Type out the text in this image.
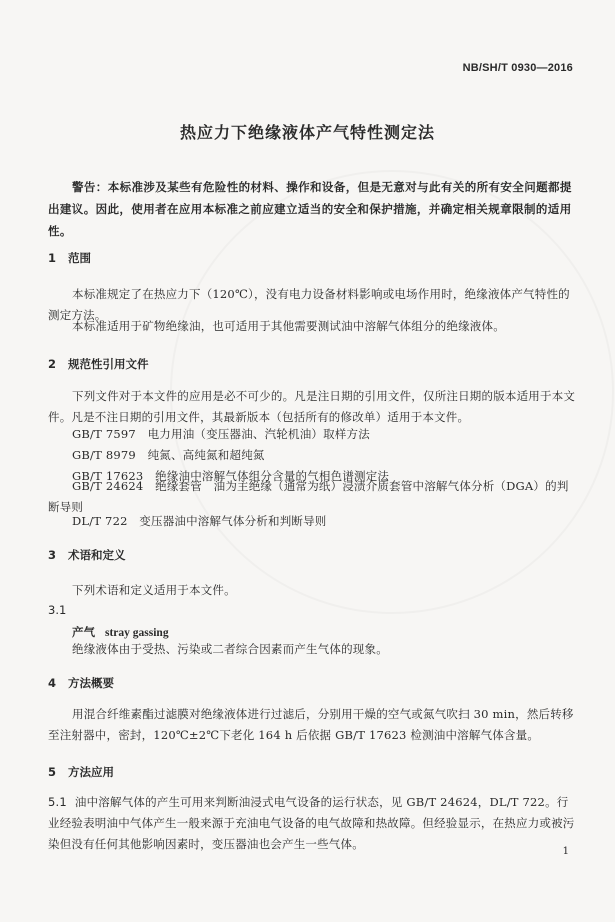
NB/SH/T 0930—2016
热应力下绝缘液体产气特性测定法
警告：本标准涉及某些有危险性的材料、操作和设备，但是无意对与此有关的所有安全问题都提出建议。因此，使用者在应用本标准之前应建立适当的安全和保护措施，并确定相关规章限制的适用性。
1 范围
本标准规定了在热应力下（120℃），没有电力设备材料影响或电场作用时，绝缘液体产气特性的测定方法。
本标准适用于矿物绝缘油，也可适用于其他需要测试油中溶解气体组分的绝缘液体。
2 规范性引用文件
下列文件对于本文件的应用是必不可少的。凡是注日期的引用文件，仅所注日期的版本适用于本文件。凡是不注日期的引用文件，其最新版本（包括所有的修改单）适用于本文件。
GB/T 7597　电力用油（变压器油、汽轮机油）取样方法
GB/T 8979　纯氮、高纯氮和超纯氮
GB/T 17623　绝缘油中溶解气体组分含量的气相色谱测定法
GB/T 24624　绝缘套管　油为主绝缘（通常为纸）浸渍介质套管中溶解气体分析（DGA）的判断导则
DL/T 722　变压器油中溶解气体分析和判断导则
3 术语和定义
下列术语和定义适用于本文件。
3.1
产气 stray gassing
绝缘液体由于受热、污染或二者综合因素而产生气体的现象。
4 方法概要
用混合纤维素酯过滤膜对绝缘液体进行过滤后，分别用干燥的空气或氮气吹扫 30 min，然后转移至注射器中，密封，120℃±2℃下老化 164 h 后依据 GB/T 17623 检测油中溶解气体含量。
5 方法应用
5.1 油中溶解气体的产生可用来判断油浸式电气设备的运行状态，见 GB/T 24624，DL/T 722。行业经验表明油中气体产生一般来源于充油电气设备的电气故障和热故障。但经验显示，在热应力或被污染但没有任何其他影响因素时，变压器油也会产生一些气体。
1
